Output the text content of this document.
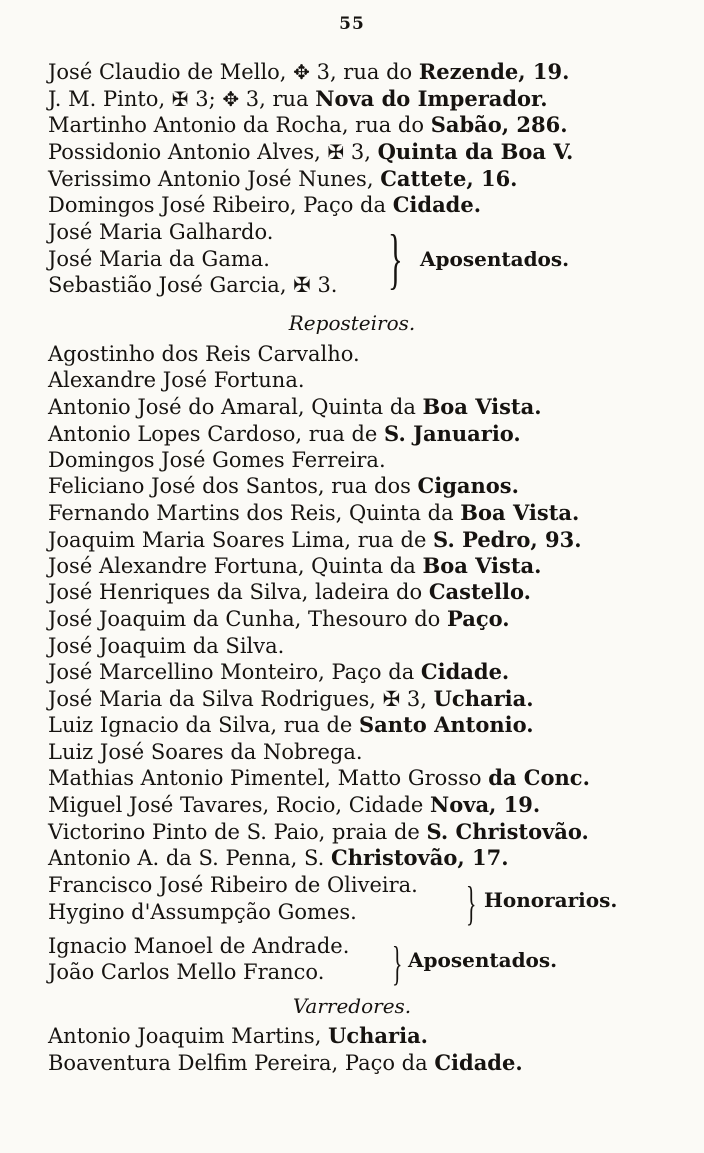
55
José Claudio de Mello, ✥ 3, rua do Rezende, 19.
J. M. Pinto, ✠ 3; ✥ 3, rua Nova do Imperador.
Martinho Antonio da Rocha, rua do Sabão, 286.
Possidonio Antonio Alves, ✠ 3, Quinta da Boa V.
Verissimo Antonio José Nunes, Cattete, 16.
Domingos José Ribeiro, Paço da Cidade.
José Maria Galhardo.
José Maria da Gama.
Sebastião José Garcia, ✠ 3. } Aposentados.
Reposteiros.
Agostinho dos Reis Carvalho.
Alexandre José Fortuna.
Antonio José do Amaral, Quinta da Boa Vista.
Antonio Lopes Cardoso, rua de S. Januario.
Domingos José Gomes Ferreira.
Feliciano José dos Santos, rua dos Ciganos.
Fernando Martins dos Reis, Quinta da Boa Vista.
Joaquim Maria Soares Lima, rua de S. Pedro, 93.
José Alexandre Fortuna, Quinta da Boa Vista.
José Henriques da Silva, ladeira do Castello.
José Joaquim da Cunha, Thesouro do Paço.
José Joaquim da Silva.
José Marcellino Monteiro, Paço da Cidade.
José Maria da Silva Rodrigues, ✠ 3, Ucharia.
Luiz Ignacio da Silva, rua de Santo Antonio.
Luiz José Soares da Nobrega.
Mathias Antonio Pimentel, Matto Grosso da Conc.
Miguel José Tavares, Rocio, Cidade Nova, 19.
Victorino Pinto de S. Paio, praia de S. Christovão.
Antonio A. da S. Penna, S. Christovão, 17.
Francisco José Ribeiro de Oliveira.
Hygino d'Assumpção Gomes.	} Honorarios.
Ignacio Manoel de Andrade.
João Carlos Mello Franco.	} Aposentados.
Varredores.
Antonio Joaquim Martins, Ucharia.
Boaventura Delfim Pereira, Paço da Cidade.
